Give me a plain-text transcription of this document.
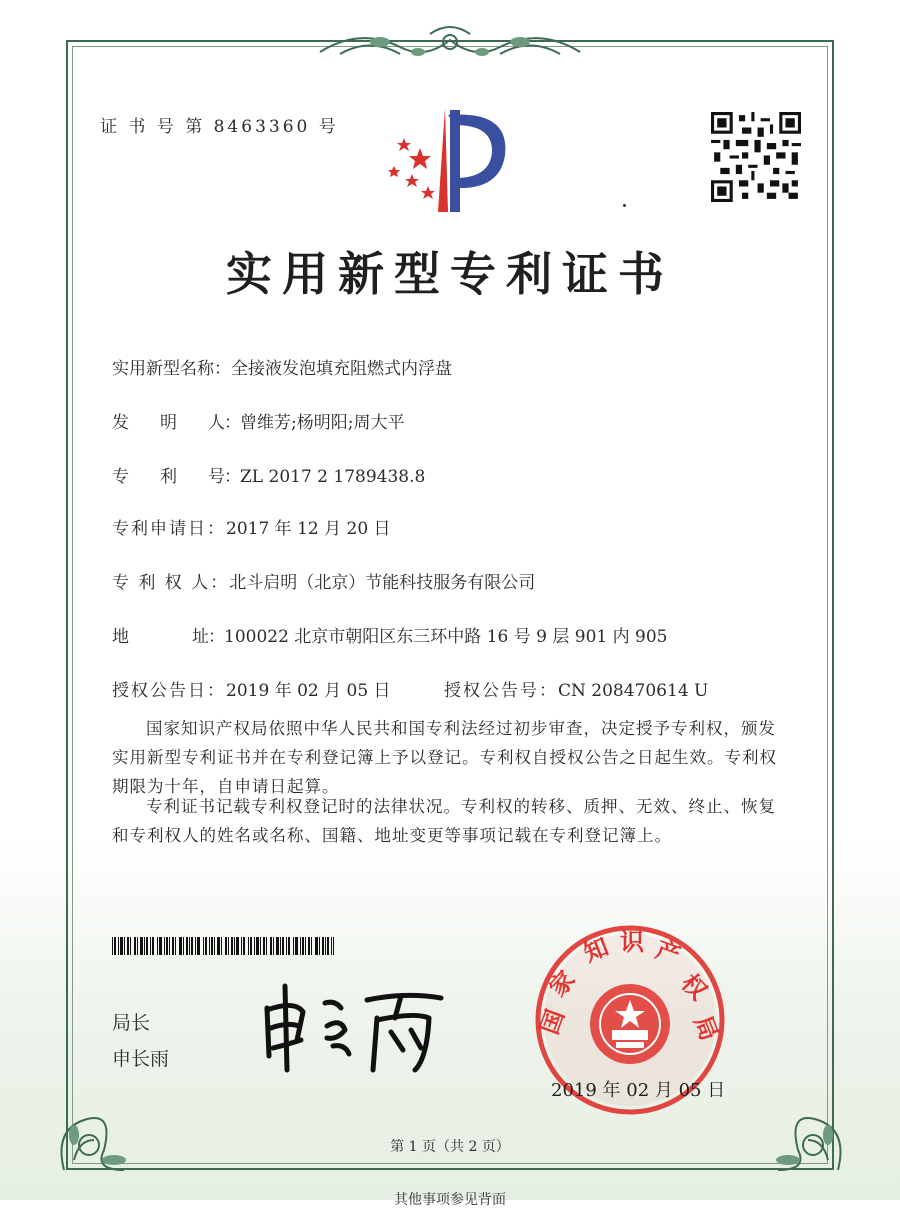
证 书 号 第 8463360 号
实用新型专利证书
实用新型名称：全接液发泡填充阻燃式内浮盘
发　　明　　人：曾维芳;杨明阳;周大平
专　　利　　号：ZL 2017 2 1789438.8
专利申请日：2017 年 12 月 20 日
专 利 权 人：北斗启明（北京）节能科技服务有限公司
地　　　　址：100022 北京市朝阳区东三环中路 16 号 9 层 901 内 905
授权公告日：2019 年 02 月 05 日	授权公告号：CN 208470614 U
国家知识产权局依照中华人民共和国专利法经过初步审查，决定授予专利权，颁发实用新型专利证书并在专利登记簿上予以登记。专利权自授权公告之日起生效。专利权期限为十年，自申请日起算。
专利证书记载专利权登记时的法律状况。专利权的转移、质押、无效、终止、恢复和专利权人的姓名或名称、国籍、地址变更等事项记载在专利登记簿上。
局长
申长雨
国
家
知 识 产
权
局
2019 年 02 月 05 日
第 1 页（共 2 页）
其他事项参见背面
